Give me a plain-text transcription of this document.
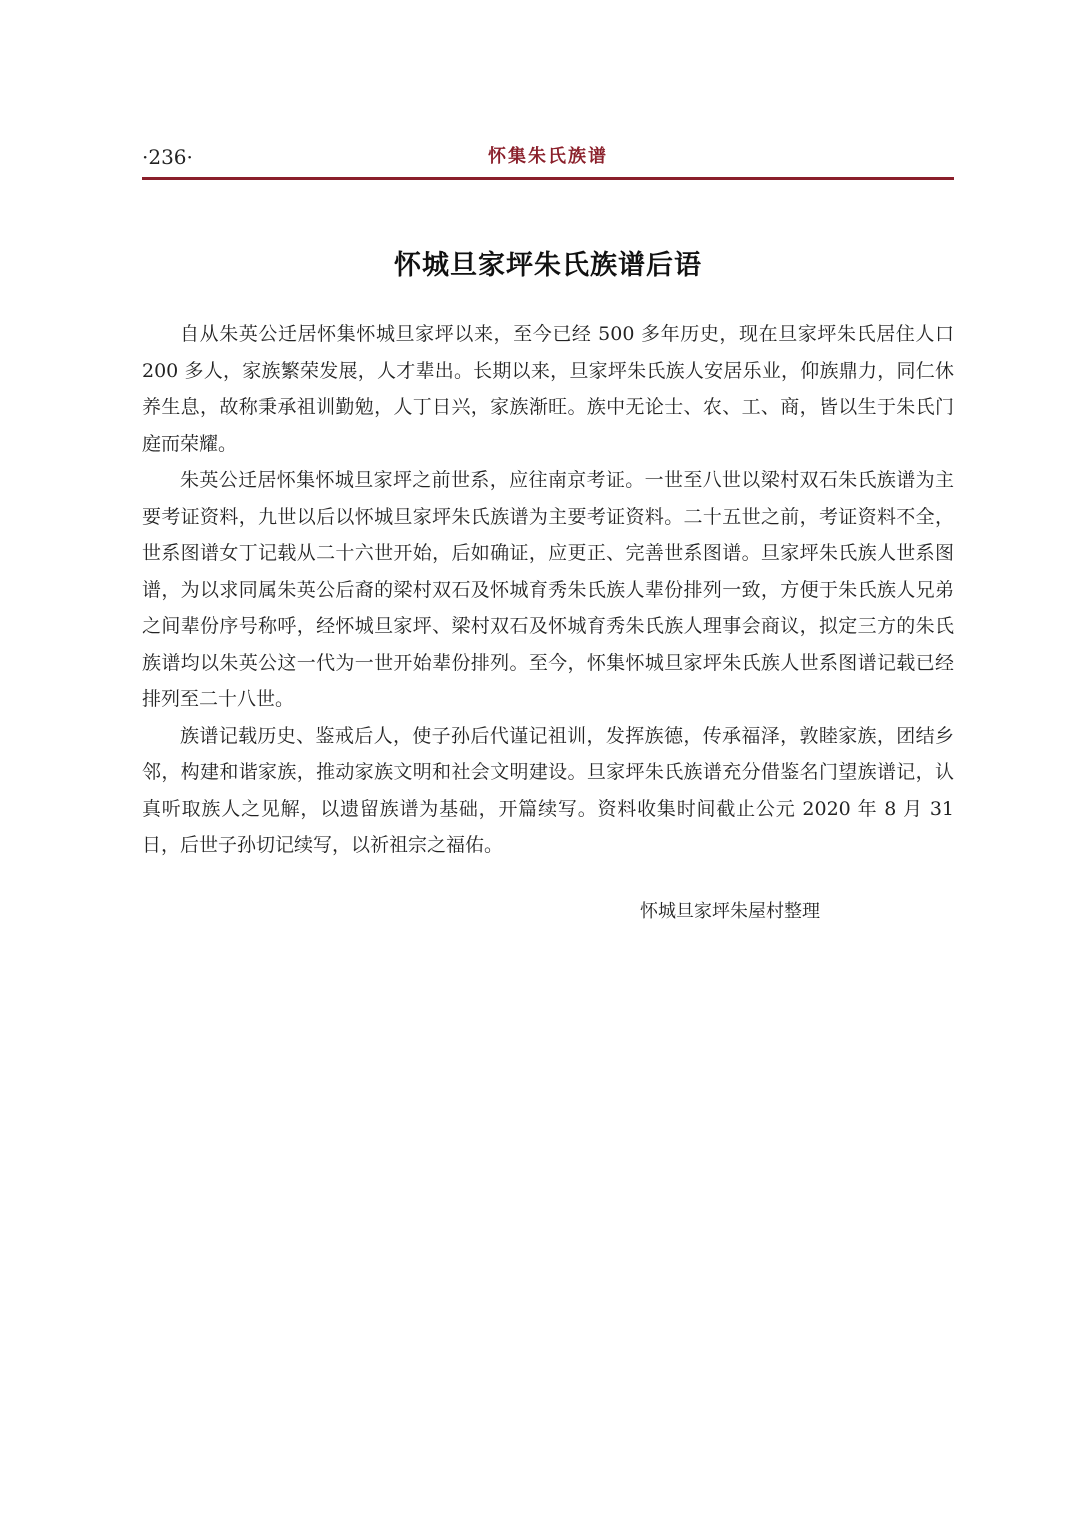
·236·	怀集朱氏族谱
怀城旦家坪朱氏族谱后语

自从朱英公迁居怀集怀城旦家坪以来，至今已经 500 多年历史，现在旦家坪朱氏居住人口 200 多人，家族繁荣发展，人才辈出。长期以来，旦家坪朱氏族人安居乐业，仰族鼎力，同仁休养生息，故称秉承祖训勤勉，人丁日兴，家族渐旺。族中无论士、农、工、商，皆以生于朱氏门庭而荣耀。

朱英公迁居怀集怀城旦家坪之前世系，应往南京考证。一世至八世以梁村双石朱氏族谱为主要考证资料，九世以后以怀城旦家坪朱氏族谱为主要考证资料。二十五世之前，考证资料不全，世系图谱女丁记载从二十六世开始，后如确证，应更正、完善世系图谱。旦家坪朱氏族人世系图谱，为以求同属朱英公后裔的梁村双石及怀城育秀朱氏族人辈份排列一致，方便于朱氏族人兄弟之间辈份序号称呼，经怀城旦家坪、梁村双石及怀城育秀朱氏族人理事会商议，拟定三方的朱氏族谱均以朱英公这一代为一世开始辈份排列。至今，怀集怀城旦家坪朱氏族人世系图谱记载已经排列至二十八世。

族谱记载历史、鉴戒后人，使子孙后代谨记祖训，发挥族德，传承福泽，敦睦家族，团结乡邻，构建和谐家族，推动家族文明和社会文明建设。旦家坪朱氏族谱充分借鉴名门望族谱记，认真听取族人之见解，以遗留族谱为基础，开篇续写。资料收集时间截止公元 2020 年 8 月 31 日，后世子孙切记续写，以祈祖宗之福佑。

怀城旦家坪朱屋村整理
